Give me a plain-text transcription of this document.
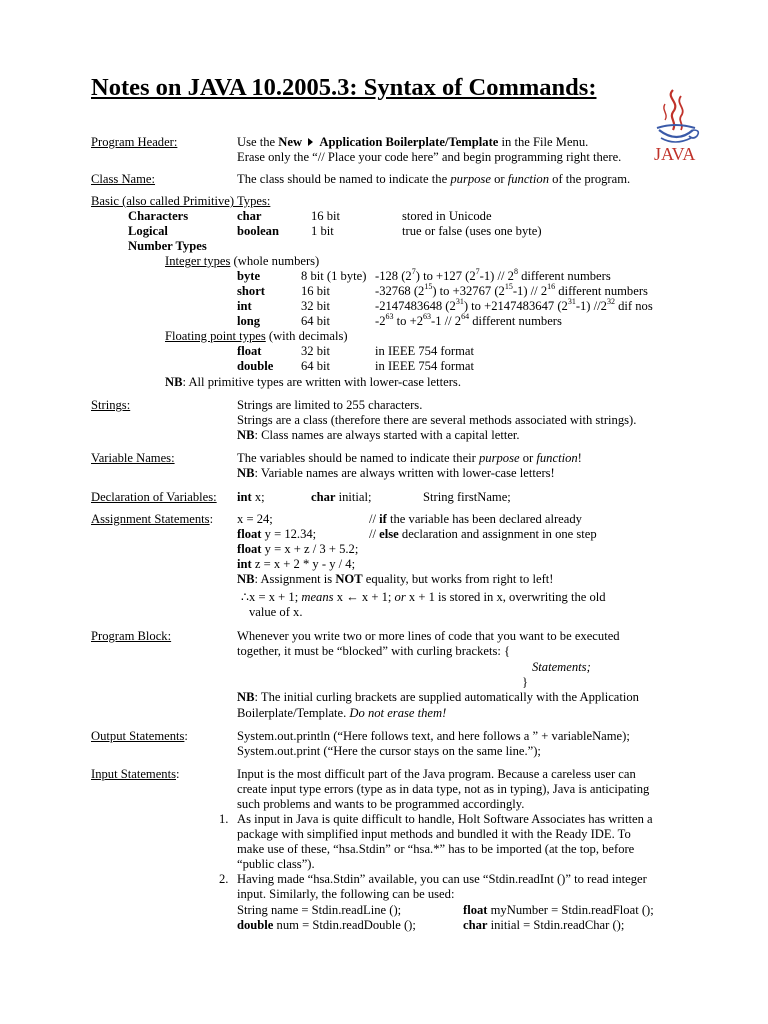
Notes on JAVA 10.2005.3: Syntax of Commands:
JAVA
Program Header:	Use the New Application Boilerplate/Template in the File Menu.
Erase only the “// Place your code here” and begin programming right there.
Class Name:	The class should be named to indicate the purpose or function of the program.
Basic (also called Primitive) Types:
Characters	char	16 bit	stored in Unicode
Logical	boolean	1 bit	true or false (uses one byte)
Number Types
Integer types (whole numbers)
byte	8 bit (1 byte) -128 $(2^7)$ to +127 $(2^7-1) // 2^8$ different numbers
short	16 bit	-32768 $(2^{15})$ to +32767 $(2^{15}-1) // 2^{16}$ different numbers
int	32 bit	-2147483648 $(2^{31})$ to +2147483647 $(2^{31}-1)$ $//2^{32}$ dif nos
long	64 bit	$-2^{63}$ to $+2^{63}-1 // 2^{64}$ different numbers
Floating point types (with decimals)
float	32 bit	in IEEE 754 format
double 64 bit	in IEEE 754 format
NB: All primitive types are written with lower-case letters.
Strings:	Strings are limited to 255 characters.
Strings are a class (therefore there are several methods associated with strings).
NB: Class names are always started with a capital letter.
Variable Names:	The variables should be named to indicate their purpose or function!
NB: Variable names are always written with lower-case letters!
Declaration of Variables: int x;	char initial;	String firstName;
Assignment Statements: x = 24;	// if the variable has been declared already
float y = 12.34;	// else declaration and assignment in one step
float y = x + z / 3 + 5.2;
int z = x + 2 * y - y / 4;
NB: Assignment is NOT equality, but works from right to left!
∴x = x + 1; means x ← x + 1; or x + 1 is stored in x, overwriting the old
value of x.
Program Block:	Whenever you write two or more lines of code that you want to be executed
together, it must be “blocked” with curling brackets: {
Statements;
}
NB: The initial curling brackets are supplied automatically with the Application
Boilerplate/Template. Do not erase them!
Output Statements:	System.out.println (“Here follows text, and here follows a ” + variableName);
System.out.print (“Here the cursor stays on the same line.”);
Input Statements:	Input is the most difficult part of the Java program. Because a careless user can
create input type errors (type as in data type, not as in typing), Java is anticipating
such problems and wants to be programmed accordingly.
1. As input in Java is quite difficult to handle, Holt Software Associates has written a
package with simplified input methods and bundled it with the Ready IDE. To
make use of these, “hsa.Stdin” or “hsa.*” has to be imported (at the top, before
“public class”).
2. Having made “hsa.Stdin” available, you can use “Stdin.readInt ()” to read integer
input. Similarly, the following can be used:
String name = Stdin.readLine ();	float myNumber = Stdin.readFloat ();
double num = Stdin.readDouble ();	char initial = Stdin.readChar ();
